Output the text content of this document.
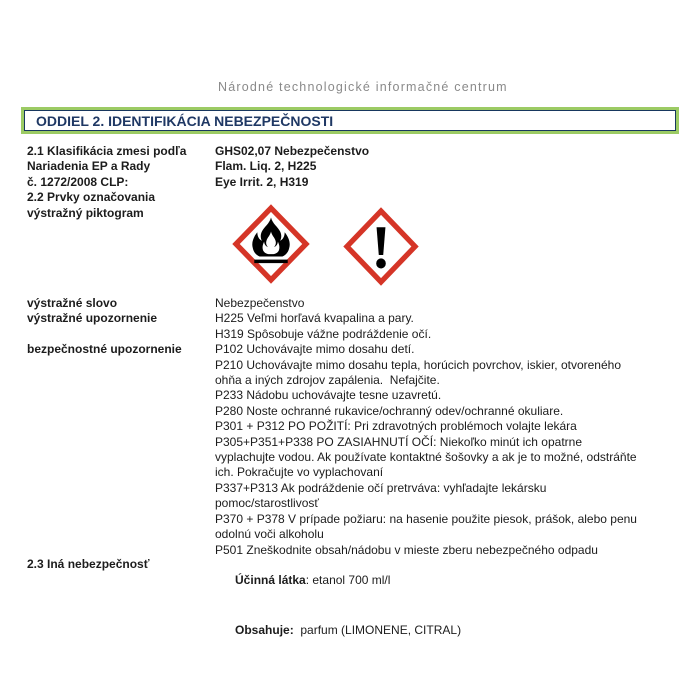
Národné technologické informačné centrum
ODDIEL 2. IDENTIFIKÁCIA NEBEZPEČNOSTI
2.1 Klasifikácia zmesi podľa
Nariadenia EP a Rady
č. 1272/2008 CLP:
2.2 Prvky označovania
výstražný piktogram
GHS02,07 Nebezpečenstvo
Flam. Liq. 2, H225
Eye Irrit. 2, H319
výstražné slovo
výstražné upozornenie
bezpečnostné upozornenie
2.3 Iná nebezpečnosť
Nebezpečenstvo
H225 Veľmi horľavá kvapalina a pary.
H319 Spôsobuje vážne podráždenie očí.
P102 Uchovávajte mimo dosahu detí.
P210 Uchovávajte mimo dosahu tepla, horúcich povrchov, iskier, otvoreného
ohňa a iných zdrojov zapálenia.  Nefajčite.
P233 Nádobu uchovávajte tesne uzavretú.
P280 Noste ochranné rukavice/ochranný odev/ochranné okuliare.
P301 + P312 PO POŽITÍ: Pri zdravotných problémoch volajte lekára
P305+P351+P338 PO ZASIAHNUTÍ OČÍ: Niekoľko minút ich opatrne
vyplachujte vodou. Ak používate kontaktné šošovky a ak je to možné, odstráňte
ich. Pokračujte vo vyplachovaní
P337+P313 Ak podráždenie očí pretrváva: vyhľadajte lekársku
pomoc/starostlivosť
P370 + P378 V prípade požiaru: na hasenie použite piesok, prášok, alebo penu
odolnú voči alkoholu
P501 Zneškodnite obsah/nádobu v mieste zberu nebezpečného odpadu

Účinná látka: etanol 700 ml/l

Obsahuje:  parfum (LIMONENE, CITRAL)
